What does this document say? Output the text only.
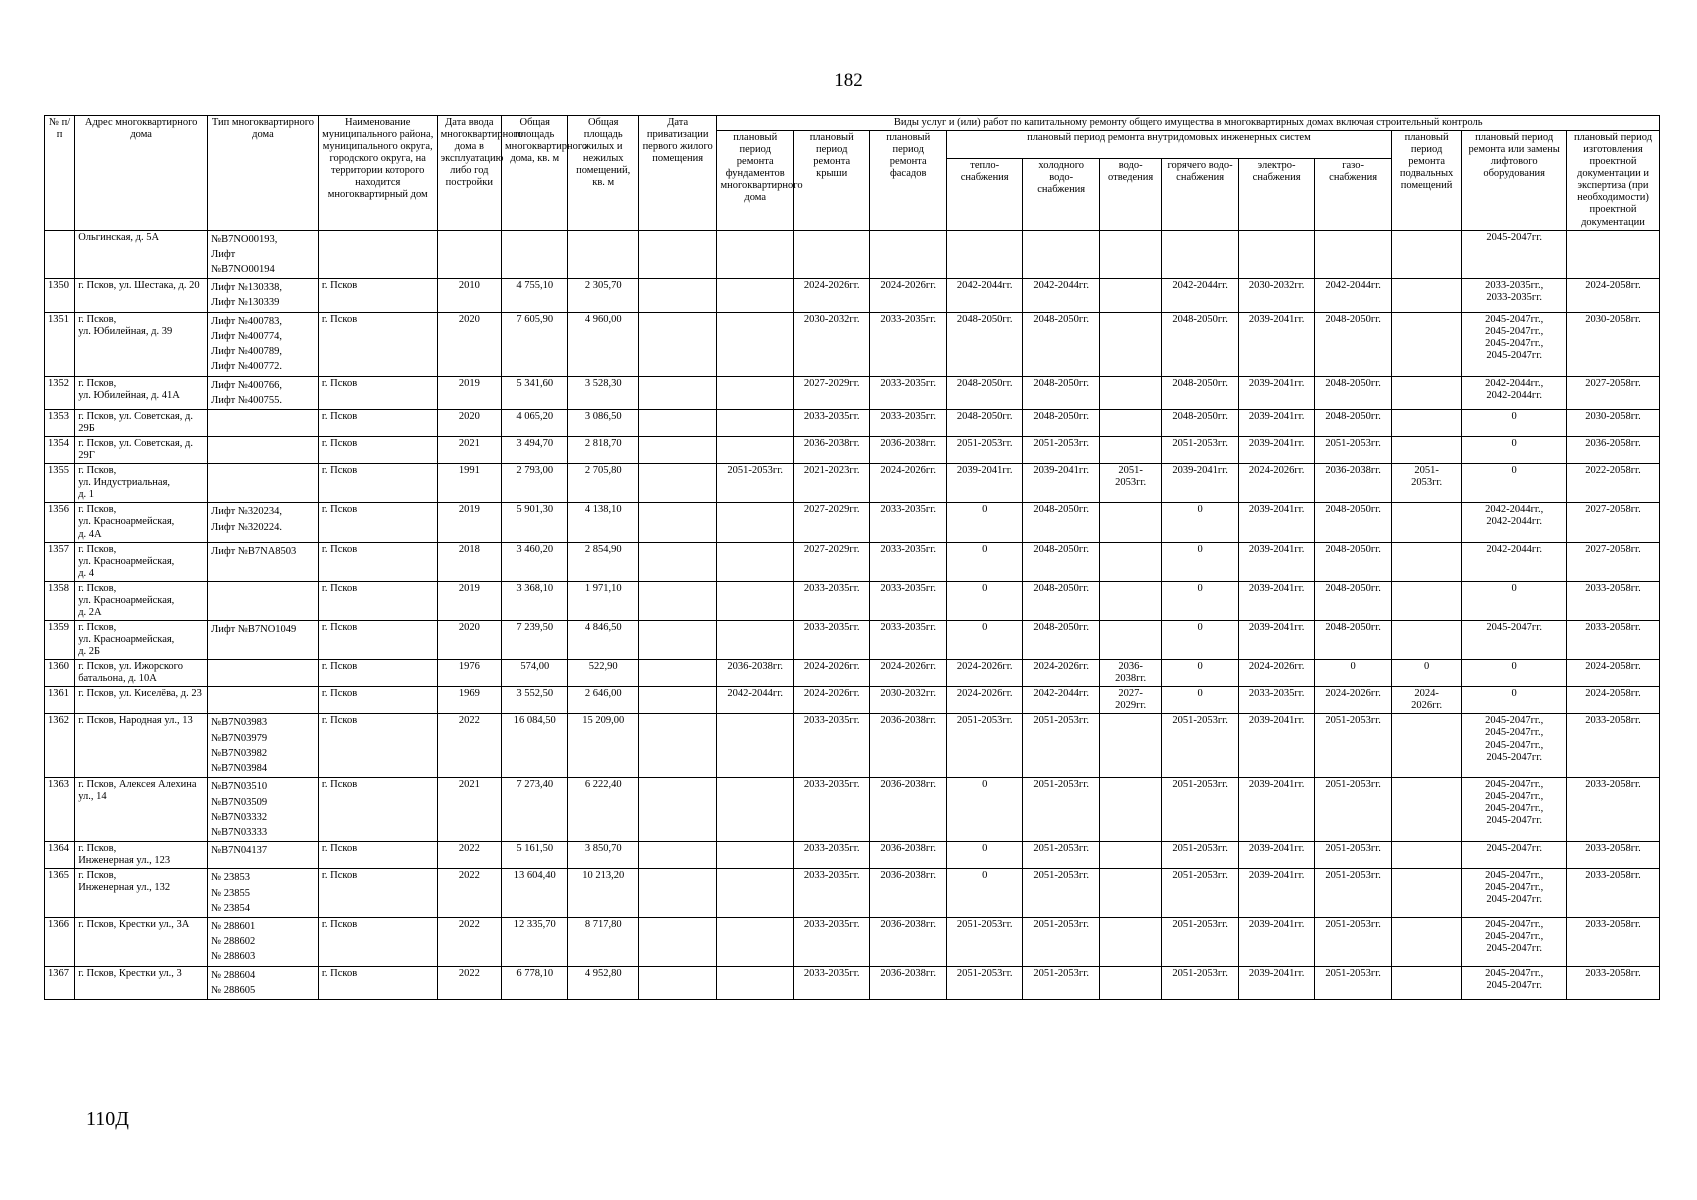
182
№ п/п	Адрес многоквартирного дома	Тип многоквартирного дома	Наименование муниципального района, муниципального округа, городского округа, на территории которого находится многоквартирный дом	Дата ввода многоквартирного дома в эксплуатацию либо год постройки	Общая площадь многоквартирного дома, кв. м	Общая площадь жилых и нежилых помещений, кв. м	Дата приватизации первого жилого помещения	Виды услуг и (или) работ по капитальному ремонту общего имущества в многоквартирных домах включая строительный контроль											
								плановый период ремонта фундаментов многоквартирного дома	плановый период ремонта крыши	плановый период ремонта фасадов	плановый период ремонта внутридомовых инженерных систем						плановый период ремонта подвальных помещений	плановый период ремонта или замены лифтового оборудования	плановый период изготовления проектной документации и экспертиза (при необходимости) проектной документации
											тепло-снабжения	холодного водо-снабжения	водо-отведения	горячего водо-снабжения	электро-снабжения	газо-снабжения			
	Ольгинская, д. 5А	№B7NO00193,
Лифт
№B7NO00194																2045-2047гг.	
1350	г. Псков, ул. Шестака, д. 20	Лифт №130338,
Лифт №130339	г. Псков	2010	4 755,10	2 305,70			2024-2026гг.	2024-2026гг.	2042-2044гг.	2042-2044гг.		2042-2044гг.	2030-2032гг.	2042-2044гг.		2033-2035гг.,
2033-2035гг.	2024-2058гг.
1351	г. Псков,
ул. Юбилейная, д. 39	Лифт №400783,
Лифт №400774,
Лифт №400789,
Лифт №400772.	г. Псков	2020	7 605,90	4 960,00			2030-2032гг.	2033-2035гг.	2048-2050гг.	2048-2050гг.		2048-2050гг.	2039-2041гг.	2048-2050гг.		2045-2047гг.,
2045-2047гг.,
2045-2047гг.,
2045-2047гг.	2030-2058гг.
1352	г. Псков,
ул. Юбилейная, д. 41А	Лифт №400766,
Лифт №400755.	г. Псков	2019	5 341,60	3 528,30			2027-2029гг.	2033-2035гг.	2048-2050гг.	2048-2050гг.		2048-2050гг.	2039-2041гг.	2048-2050гг.		2042-2044гг.,
2042-2044гг.	2027-2058гг.
1353	г. Псков, ул. Советская, д. 29Б		г. Псков	2020	4 065,20	3 086,50			2033-2035гг.	2033-2035гг.	2048-2050гг.	2048-2050гг.		2048-2050гг.	2039-2041гг.	2048-2050гг.		0	2030-2058гг.
1354	г. Псков, ул. Советская, д. 29Г		г. Псков	2021	3 494,70	2 818,70			2036-2038гг.	2036-2038гг.	2051-2053гг.	2051-2053гг.		2051-2053гг.	2039-2041гг.	2051-2053гг.		0	2036-2058гг.
1355	г. Псков,
ул. Индустриальная,
д. 1		г. Псков	1991	2 793,00	2 705,80		2051-2053гг.	2021-2023гг.	2024-2026гг.	2039-2041гг.	2039-2041гг.	2051-
2053гг.	2039-2041гг.	2024-2026гг.	2036-2038гг.	2051-
2053гг.	0	2022-2058гг.
1356	г. Псков,
ул. Красноармейская,
д. 4А	Лифт №320234,
Лифт №320224.	г. Псков	2019	5 901,30	4 138,10			2027-2029гг.	2033-2035гг.	0	2048-2050гг.		0	2039-2041гг.	2048-2050гг.		2042-2044гг.,
2042-2044гг.	2027-2058гг.
1357	г. Псков,
ул. Красноармейская,
д. 4	Лифт №B7NA8503	г. Псков	2018	3 460,20	2 854,90			2027-2029гг.	2033-2035гг.	0	2048-2050гг.		0	2039-2041гг.	2048-2050гг.		2042-2044гг.	2027-2058гг.
1358	г. Псков,
ул. Красноармейская,
д. 2А		г. Псков	2019	3 368,10	1 971,10			2033-2035гг.	2033-2035гг.	0	2048-2050гг.		0	2039-2041гг.	2048-2050гг.		0	2033-2058гг.
1359	г. Псков,
ул. Красноармейская,
д. 2Б	Лифт №B7NO1049	г. Псков	2020	7 239,50	4 846,50			2033-2035гг.	2033-2035гг.	0	2048-2050гг.		0	2039-2041гг.	2048-2050гг.		2045-2047гг.	2033-2058гг.
1360	г. Псков, ул. Ижорского батальона, д. 10А		г. Псков	1976	574,00	522,90		2036-2038гг.	2024-2026гг.	2024-2026гг.	2024-2026гг.	2024-2026гг.	2036-
2038гг.	0	2024-2026гг.	0	0	0	2024-2058гг.
1361	г. Псков, ул. Киселёва, д. 23		г. Псков	1969	3 552,50	2 646,00		2042-2044гг.	2024-2026гг.	2030-2032гг.	2024-2026гг.	2042-2044гг.	2027-
2029гг.	0	2033-2035гг.	2024-2026гг.	2024-
2026гг.	0	2024-2058гг.
1362	г. Псков, Народная ул., 13	№B7N03983
№B7N03979
№B7N03982
№B7N03984	г. Псков	2022	16 084,50	15 209,00			2033-2035гг.	2036-2038гг.	2051-2053гг.	2051-2053гг.		2051-2053гг.	2039-2041гг.	2051-2053гг.		2045-2047гг.,
2045-2047гг.,
2045-2047гг.,
2045-2047гг.	2033-2058гг.
1363	г. Псков, Алексея Алехина ул., 14	№B7N03510
№B7N03509
№B7N03332
№B7N03333	г. Псков	2021	7 273,40	6 222,40			2033-2035гг.	2036-2038гг.	0	2051-2053гг.		2051-2053гг.	2039-2041гг.	2051-2053гг.		2045-2047гг.,
2045-2047гг.,
2045-2047гг.,
2045-2047гг.	2033-2058гг.
1364	г. Псков,
Инженерная ул., 123	№B7N04137	г. Псков	2022	5 161,50	3 850,70			2033-2035гг.	2036-2038гг.	0	2051-2053гг.		2051-2053гг.	2039-2041гг.	2051-2053гг.		2045-2047гг.	2033-2058гг.
1365	г. Псков,
Инженерная ул., 132	№ 23853
№ 23855
№ 23854	г. Псков	2022	13 604,40	10 213,20			2033-2035гг.	2036-2038гг.	0	2051-2053гг.		2051-2053гг.	2039-2041гг.	2051-2053гг.		2045-2047гг.,
2045-2047гг.,
2045-2047гг.	2033-2058гг.
1366	г. Псков, Крестки ул., 3А	№ 288601
№ 288602
№ 288603	г. Псков	2022	12 335,70	8 717,80			2033-2035гг.	2036-2038гг.	2051-2053гг.	2051-2053гг.		2051-2053гг.	2039-2041гг.	2051-2053гг.		2045-2047гг.,
2045-2047гг.,
2045-2047гг.	2033-2058гг.
1367	г. Псков, Крестки ул., 3	№ 288604
№ 288605	г. Псков	2022	6 778,10	4 952,80			2033-2035гг.	2036-2038гг.	2051-2053гг.	2051-2053гг.		2051-2053гг.	2039-2041гг.	2051-2053гг.		2045-2047гг.,
2045-2047гг.	2033-2058гг.
110Д
